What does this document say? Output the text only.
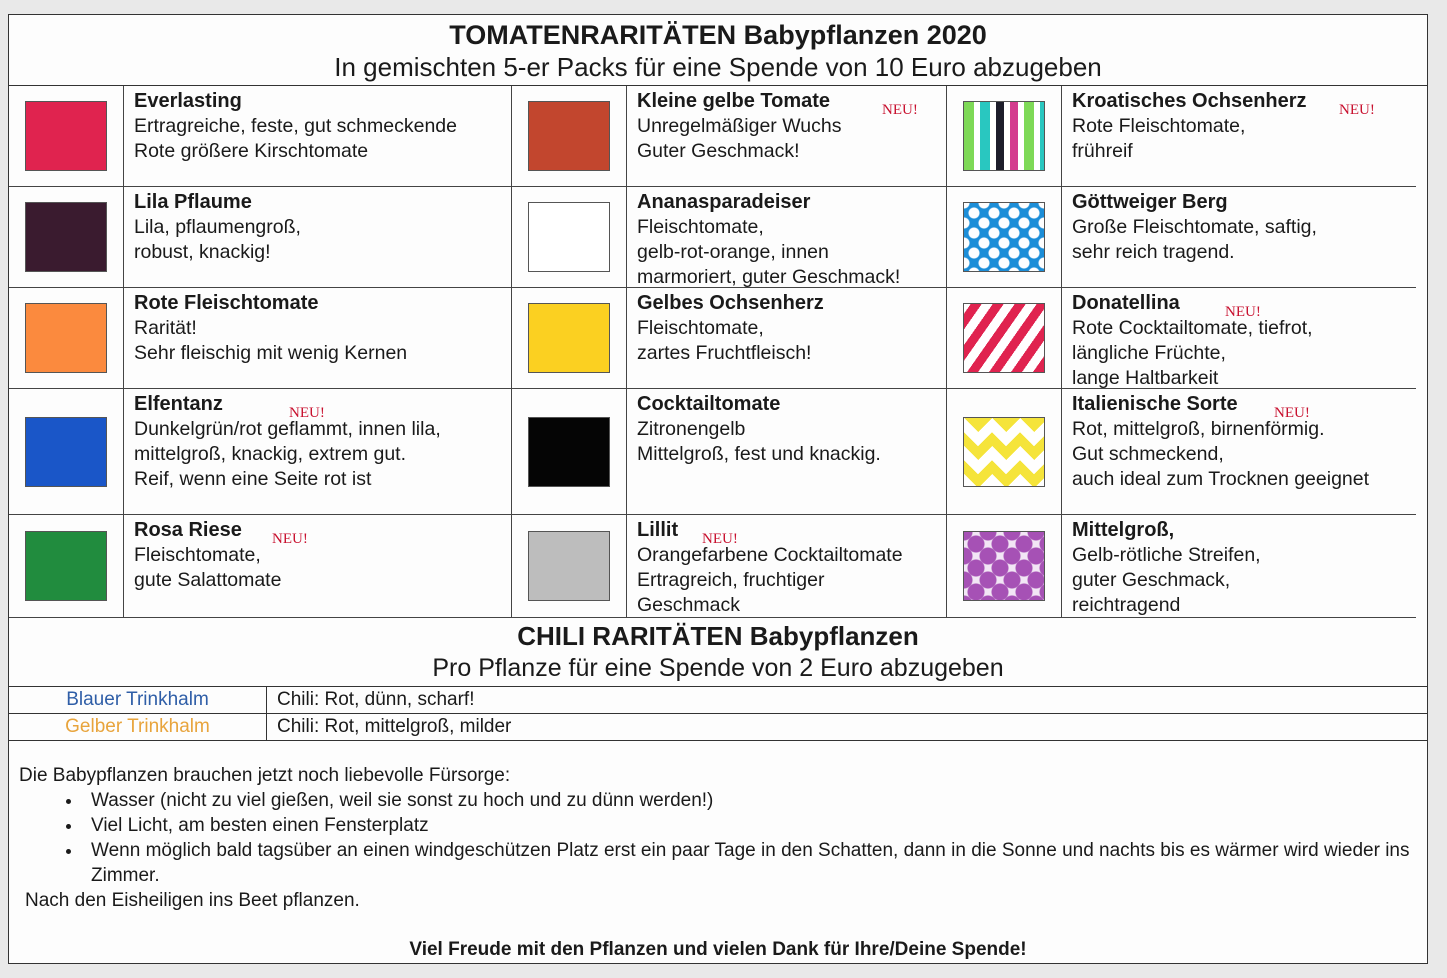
TOMATENRARITÄTEN Babypflanzen 2020
In gemischten 5-er Packs für eine Spende von 10 Euro abzugeben
Everlasting
Ertragreiche, feste, gut schmeckende
Rote größere Kirschtomate
Kleine gelbe Tomate	NEU!
Unregelmäßiger Wuchs
Guter Geschmack!
Kroatisches Ochsenherz	NEU!
Rote Fleischtomate,
frühreif
Lila Pflaume
Lila, pflaumengroß,
robust, knackig!
Ananasparadeiser
Fleischtomate,
gelb-rot-orange, innen
marmoriert, guter Geschmack!
Göttweiger Berg
Große Fleischtomate, saftig,
sehr reich tragend.
Rote Fleischtomate
Rarität!
Sehr fleischig mit wenig Kernen
Gelbes Ochsenherz
Fleischtomate,
zartes Fruchtfleisch!
Donatellina	NEU!
Rote Cocktailtomate, tiefrot,
längliche Früchte,
lange Haltbarkeit
Elfentanz	NEU!
Dunkelgrün/rot geflammt, innen lila,
mittelgroß, knackig, extrem gut.
Reif, wenn eine Seite rot ist
Cocktailtomate
Zitronengelb
Mittelgroß, fest und knackig.
Italienische Sorte	NEU!
Rot, mittelgroß, birnenförmig.
Gut schmeckend,
auch ideal zum Trocknen geeignet
Rosa Riese	NEU!
Fleischtomate,
gute Salattomate
Lillit	NEU!
Orangefarbene Cocktailtomate
Ertragreich, fruchtiger
Geschmack
Mittelgroß,
Gelb-rötliche Streifen,
guter Geschmack,
reichtragend
CHILI RARITÄTEN Babypflanzen
Pro Pflanze für eine Spende von 2 Euro abzugeben
Blauer Trinkhalm	Chili: Rot, dünn, scharf!
Gelber Trinkhalm	Chili: Rot, mittelgroß, milder
Die Babypflanzen brauchen jetzt noch liebevolle Fürsorge:
• Wasser (nicht zu viel gießen, weil sie sonst zu hoch und zu dünn werden!)
• Viel Licht, am besten einen Fensterplatz
• Wenn möglich bald tagsüber an einen windgeschützen Platz erst ein paar Tage in den Schatten, dann in die Sonne und nachts bis es wärmer wird wieder ins Zimmer.
Nach den Eisheiligen ins Beet pflanzen.
Viel Freude mit den Pflanzen und vielen Dank für Ihre/Deine Spende!
